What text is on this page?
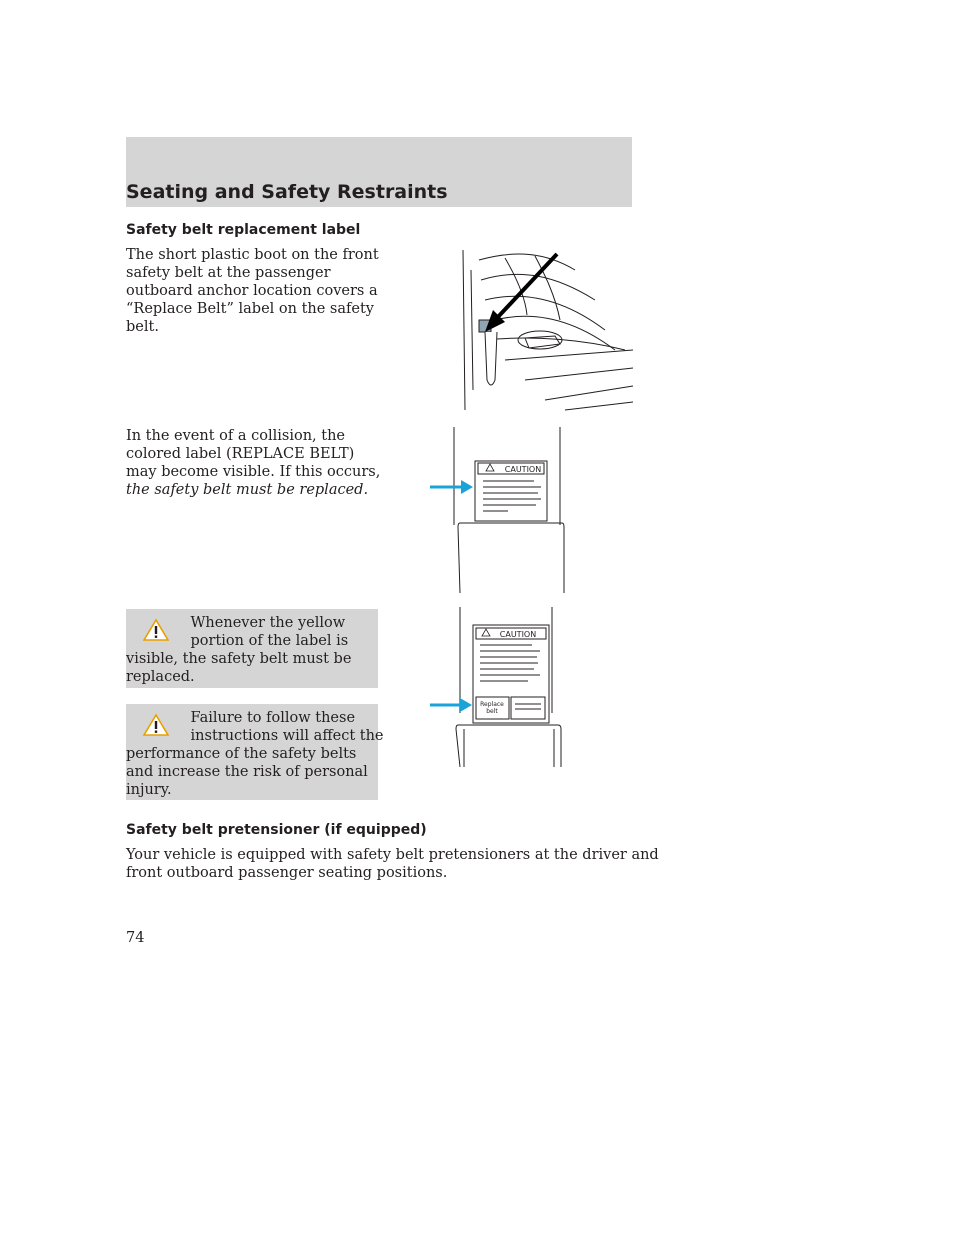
Seating and Safety Restraints
Safety belt replacement label
The short plastic boot on the front
safety belt at the passenger
outboard anchor location covers a
“Replace Belt” label on the safety
belt.
In the event of a collision, the
colored label (REPLACE BELT)
may become visible. If this occurs,
the safety belt must be replaced.
Whenever the yellow
portion of the label is
visible, the safety belt must be
replaced.
Failure to follow these
instructions will affect the
performance of the safety belts
and increase the risk of personal
injury.
Safety belt pretensioner (if equipped)
Your vehicle is equipped with safety belt pretensioners at the driver and
front outboard passenger seating positions.
CAUTION
CAUTION
Replace
belt
74
